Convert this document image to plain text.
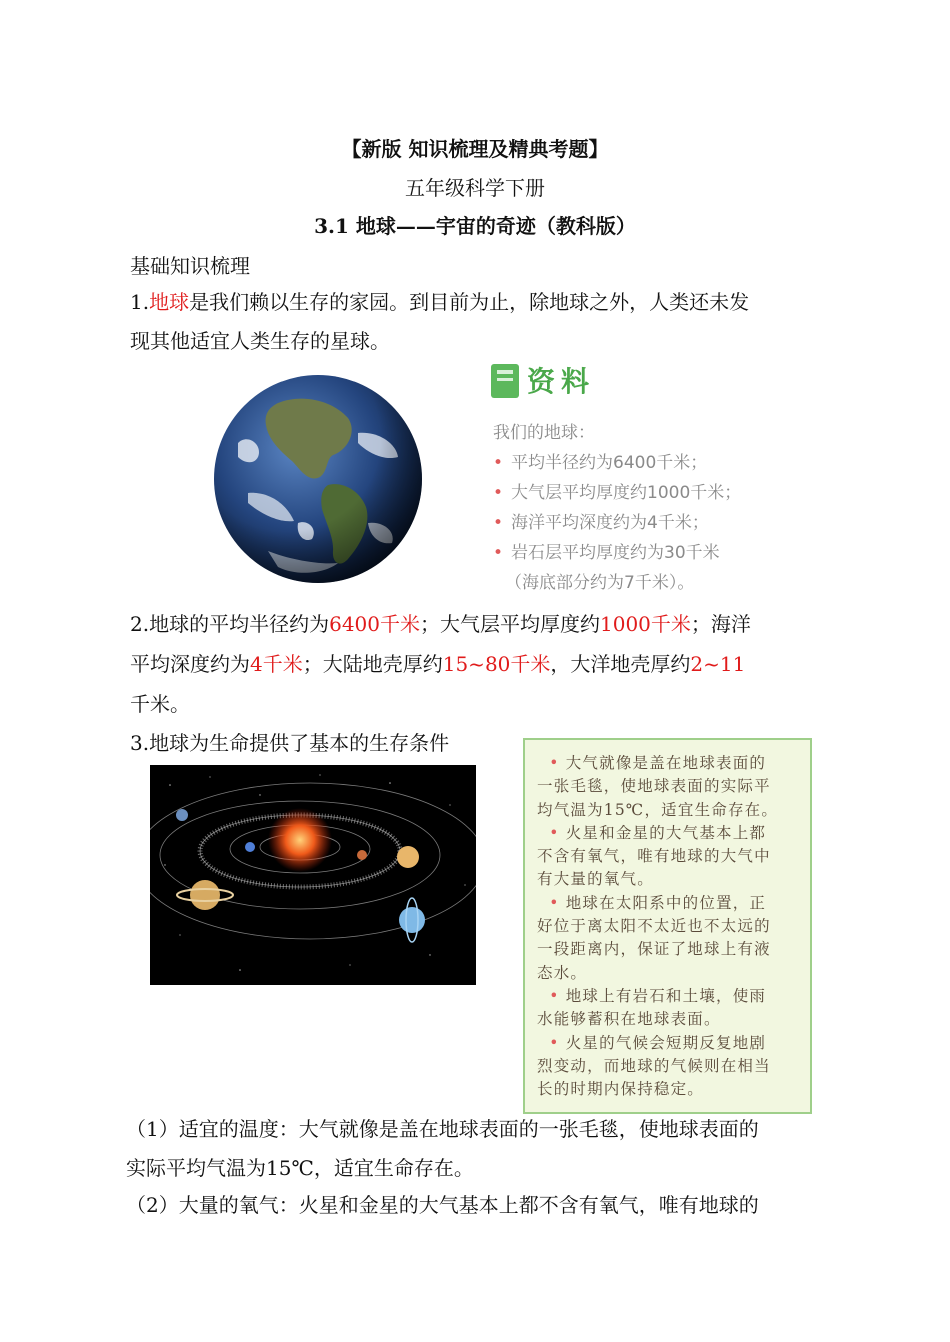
【新版 知识梳理及精典考题】
五年级科学下册
3.1 地球——宇宙的奇迹（教科版）
基础知识梳理
1.地球是我们赖以生存的家园。到目前为止，除地球之外，人类还未发
现其他适宜人类生存的星球。
资料
我们的地球：
• 平均半径约为6400千米；
• 大气层平均厚度约1000千米；
• 海洋平均深度约为4千米；
• 岩石层平均厚度约为30千米
（海底部分约为7千米）。
2.地球的平均半径约为6400千米；大气层平均厚度约1000千米；海洋
平均深度约为4千米；大陆地壳厚约15~80千米，大洋地壳厚约2~11
千米。
3.地球为生命提供了基本的生存条件
• 大气就像是盖在地球表面的
一张毛毯，使地球表面的实际平
均气温为15℃，适宜生命存在。
• 火星和金星的大气基本上都
不含有氧气，唯有地球的大气中
有大量的氧气。
• 地球在太阳系中的位置，正
好位于离太阳不太近也不太远的
一段距离内，保证了地球上有液
态水。
• 地球上有岩石和土壤，使雨
水能够蓄积在地球表面。
• 火星的气候会短期反复地剧
烈变动，而地球的气候则在相当
长的时期内保持稳定。
（1）适宜的温度：大气就像是盖在地球表面的一张毛毯，使地球表面的
实际平均气温为15℃，适宜生命存在。
（2）大量的氧气：火星和金星的大气基本上都不含有氧气，唯有地球的
